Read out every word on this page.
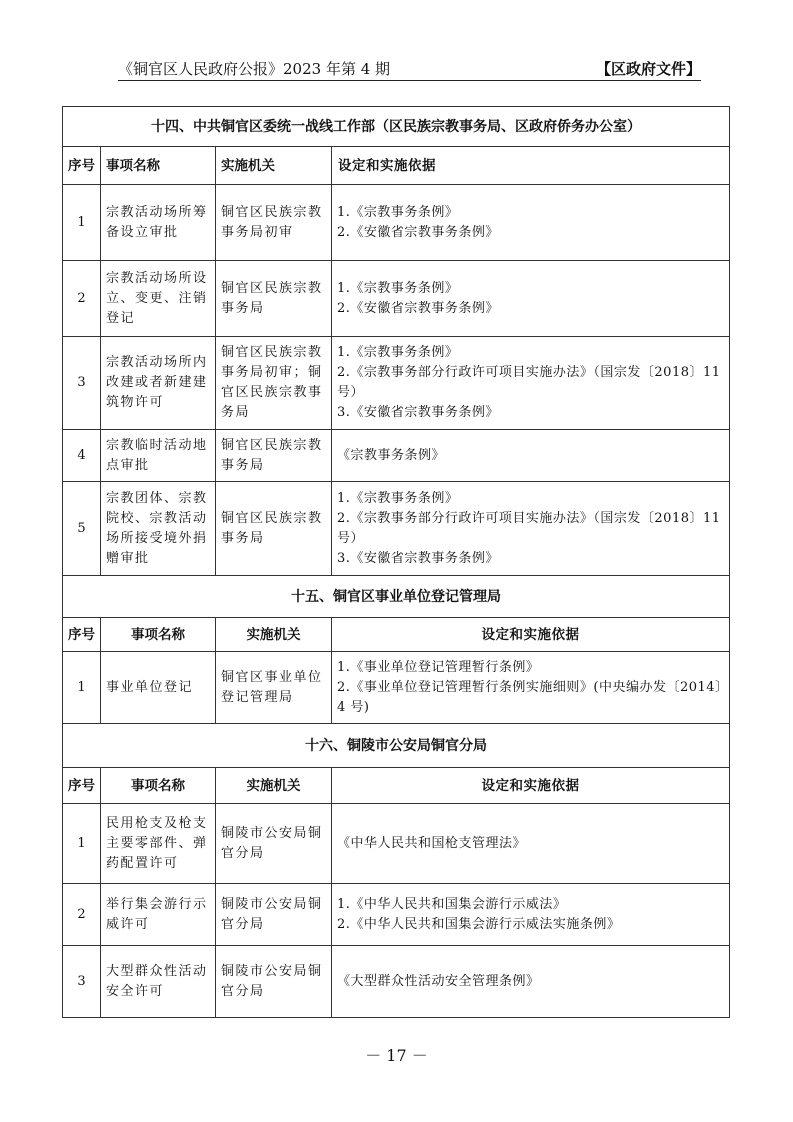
《铜官区人民政府公报》2023 年第 4 期	【区政府文件】
十四、中共铜官区委统一战线工作部（区民族宗教事务局、区政府侨务办公室）			
序号	事项名称	实施机关	设定和实施依据
1	宗教活动场所筹备设立审批	铜官区民族宗教事务局初审	1.《宗教事务条例》
2.《安徽省宗教事务条例》

2	宗教活动场所设立、变更、注销登记	铜官区民族宗教事务局	1.《宗教事务条例》
2.《安徽省宗教事务条例》

3	宗教活动场所内改建或者新建建筑物许可	铜官区民族宗教事务局初审；铜官区民族宗教事务局	1.《宗教事务条例》
2.《宗教事务部分行政许可项目实施办法》（国宗发〔2018〕11 号）
3.《安徽省宗教事务条例》

4	宗教临时活动地点审批	铜官区民族宗教事务局	《宗教事务条例》

5	宗教团体、宗教院校、宗教活动场所接受境外捐赠审批	铜官区民族宗教事务局	1.《宗教事务条例》
2.《宗教事务部分行政许可项目实施办法》（国宗发〔2018〕11 号）
3.《安徽省宗教事务条例》

十五、铜官区事业单位登记管理局			
序号	事项名称	实施机关	设定和实施依据
1	事业单位登记	铜官区事业单位登记管理局	1.《事业单位登记管理暂行条例》
2.《事业单位登记管理暂行条例实施细则》(中央编办发〔2014〕4 号)

十六、铜陵市公安局铜官分局			
序号	事项名称	实施机关	设定和实施依据
1	民用枪支及枪支主要零部件、弹药配置许可	铜陵市公安局铜官分局	《中华人民共和国枪支管理法》

2	举行集会游行示威许可	铜陵市公安局铜官分局	1.《中华人民共和国集会游行示威法》
2.《中华人民共和国集会游行示威法实施条例》

3	大型群众性活动安全许可	铜陵市公安局铜官分局	《大型群众性活动安全管理条例》
－ 17 －
